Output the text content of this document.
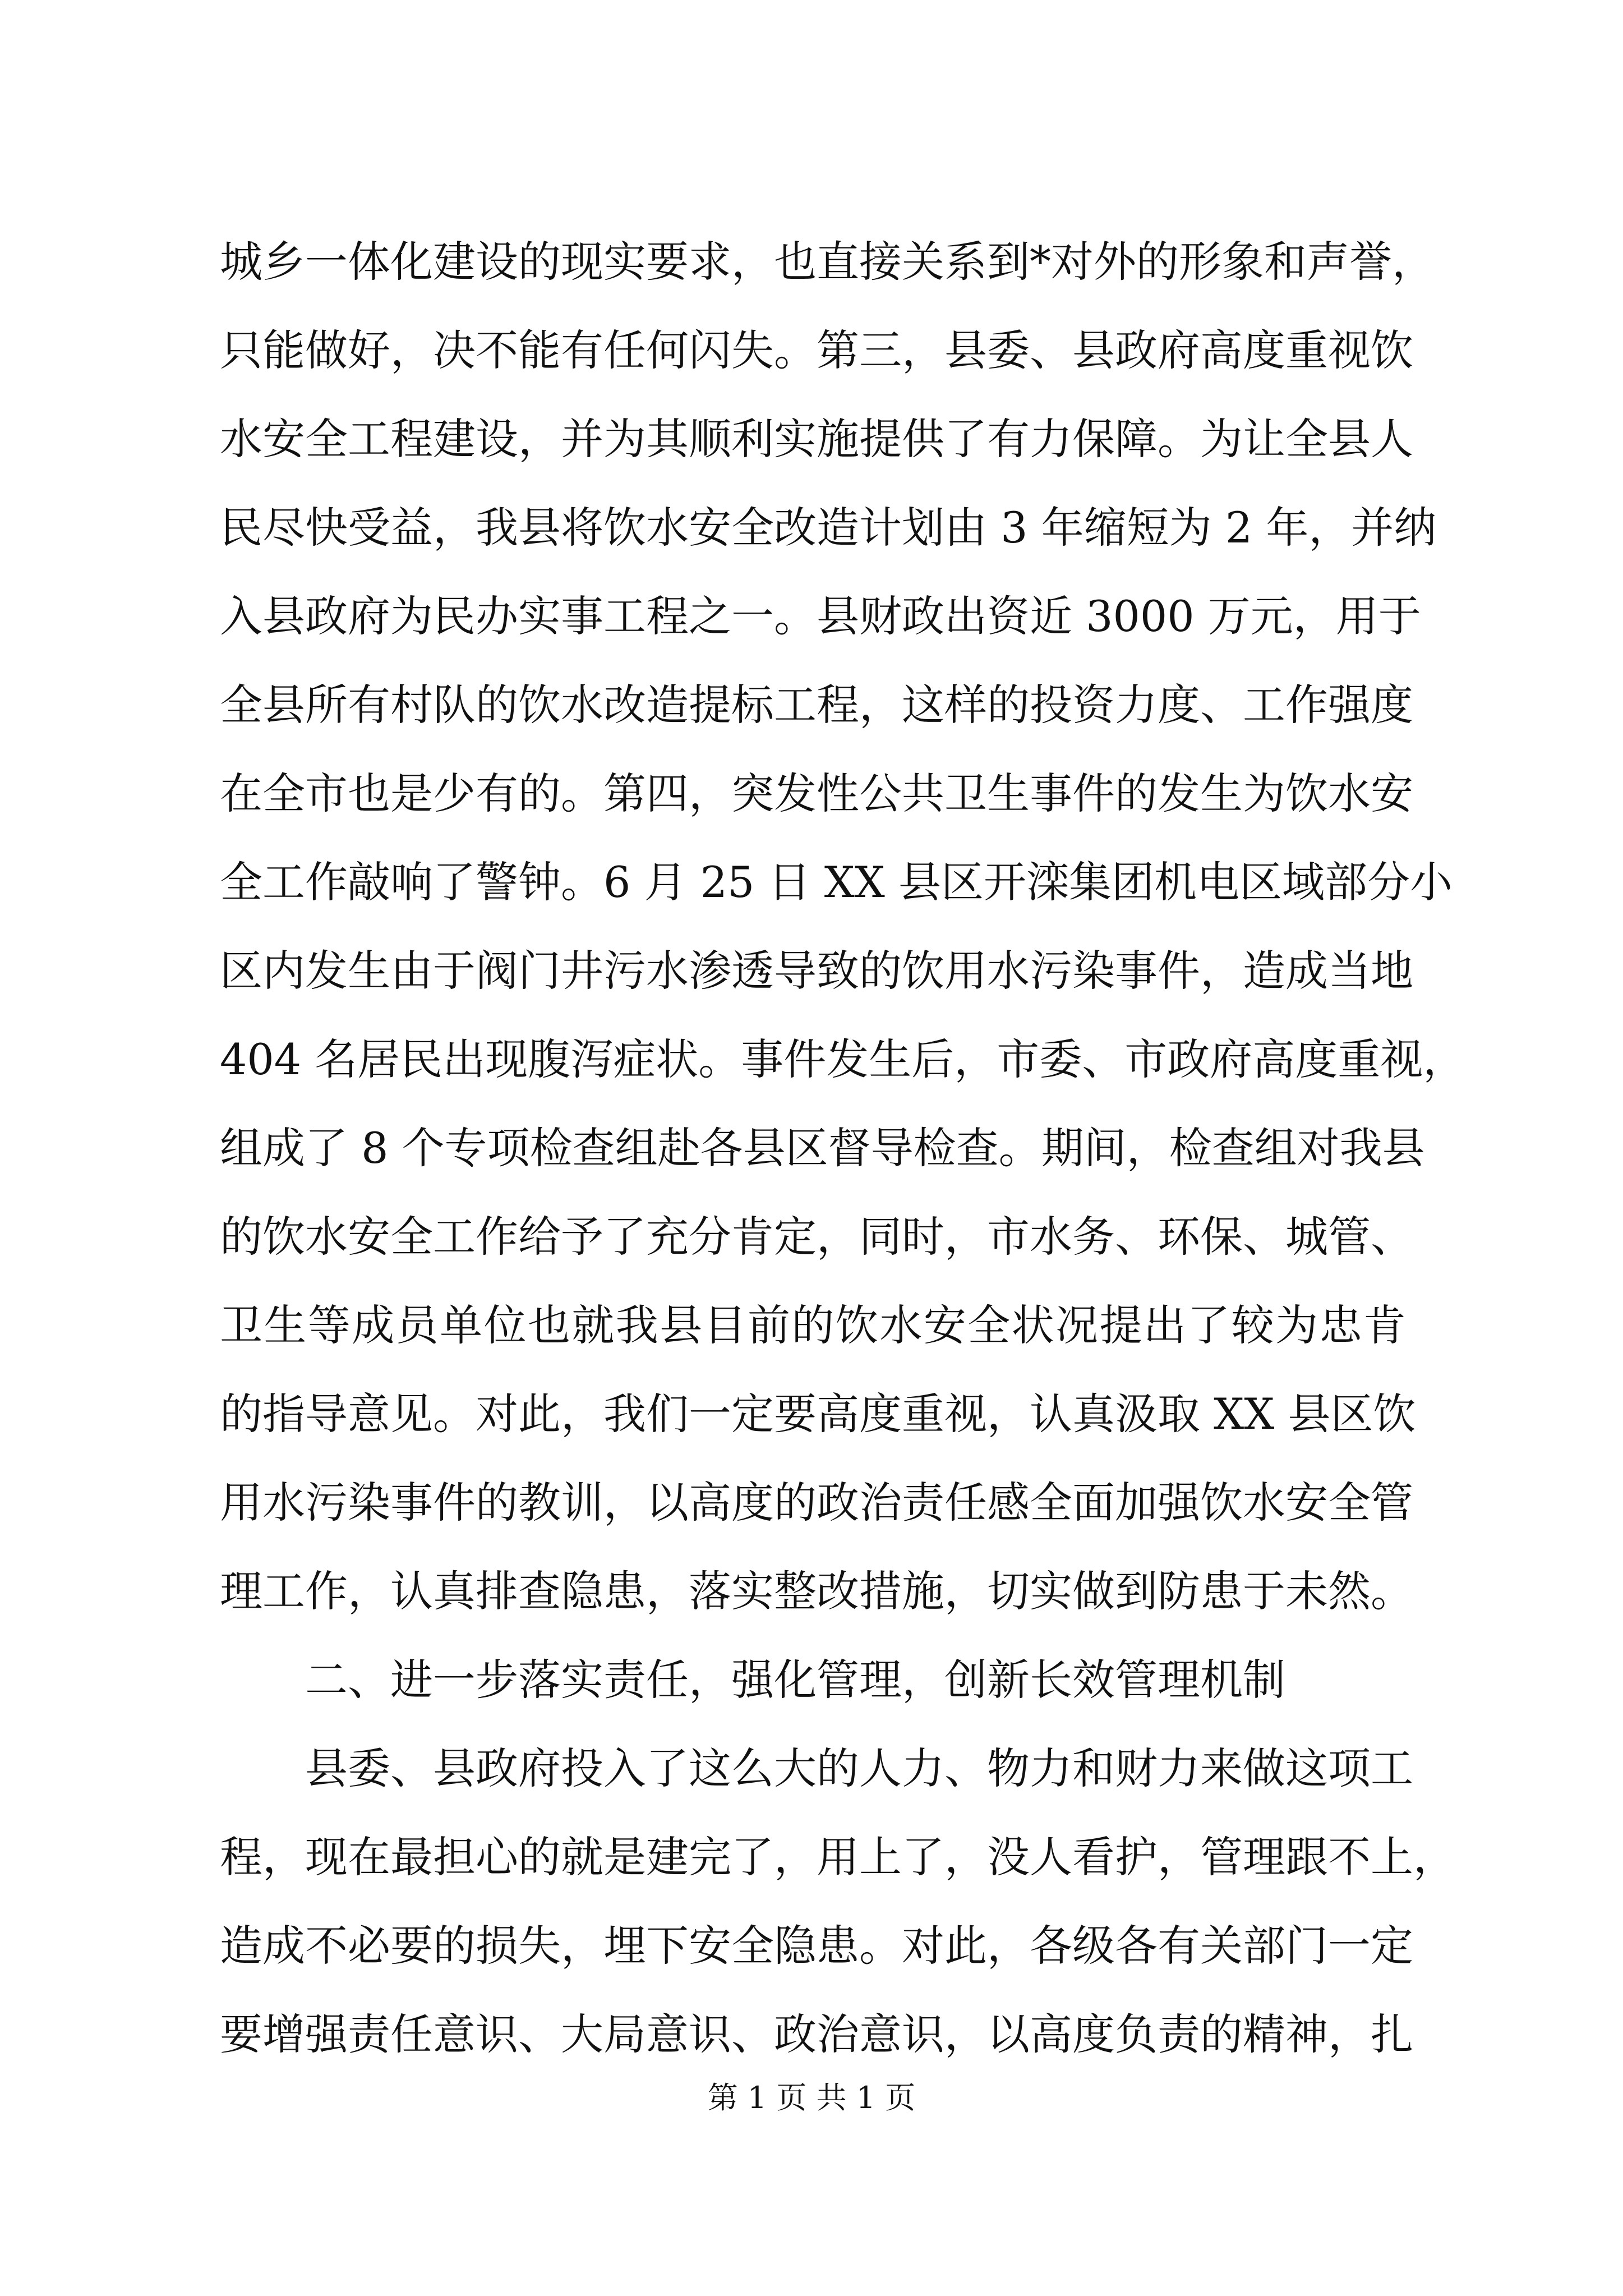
城乡一体化建设的现实要求，也直接关系到*对外的形象和声誉，
只能做好，决不能有任何闪失。第三，县委、县政府高度重视饮
水安全工程建设，并为其顺利实施提供了有力保障。为让全县人
民尽快受益，我县将饮水安全改造计划由 3 年缩短为 2 年，并纳
入县政府为民办实事工程之一。县财政出资近 3000 万元，用于
全县所有村队的饮水改造提标工程，这样的投资力度、工作强度
在全市也是少有的。第四，突发性公共卫生事件的发生为饮水安
全工作敲响了警钟。6 月 25 日 XX 县区开滦集团机电区域部分小
区内发生由于阀门井污水渗透导致的饮用水污染事件，造成当地
404 名居民出现腹泻症状。事件发生后，市委、市政府高度重视，
组成了 8 个专项检查组赴各县区督导检查。期间，检查组对我县
的饮水安全工作给予了充分肯定，同时，市水务、环保、城管、
卫生等成员单位也就我县目前的饮水安全状况提出了较为忠肯
的指导意见。对此，我们一定要高度重视，认真汲取 XX 县区饮
用水污染事件的教训，以高度的政治责任感全面加强饮水安全管
理工作，认真排查隐患，落实整改措施，切实做到防患于未然。
二、进一步落实责任，强化管理，创新长效管理机制
县委、县政府投入了这么大的人力、物力和财力来做这项工
程，现在最担心的就是建完了，用上了，没人看护，管理跟不上，
造成不必要的损失，埋下安全隐患。对此，各级各有关部门一定
要增强责任意识、大局意识、政治意识，以高度负责的精神，扎
第 1 页 共 1 页
